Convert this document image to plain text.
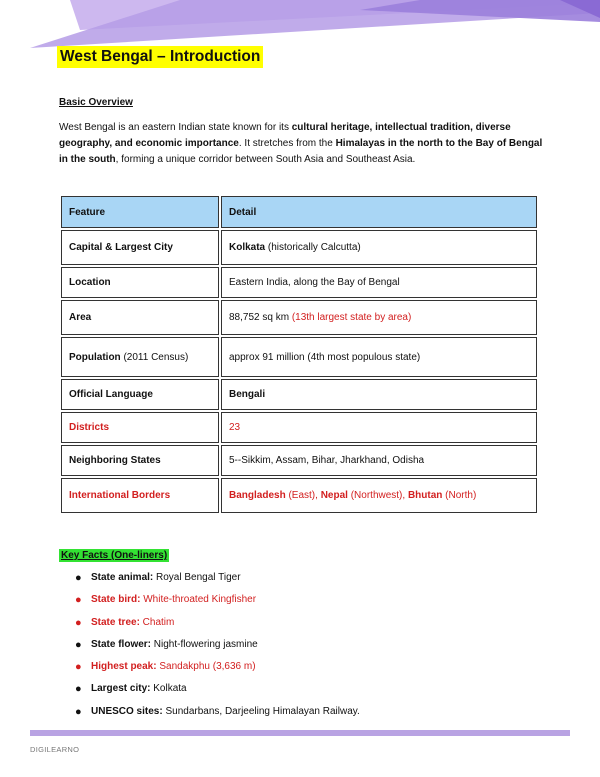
West Bengal – Introduction
Basic Overview
West Bengal is an eastern Indian state known for its cultural heritage, intellectual tradition, diverse geography, and economic importance. It stretches from the Himalayas in the north to the Bay of Bengal in the south, forming a unique corridor between South Asia and Southeast Asia.
Feature	Detail
Capital & Largest City	Kolkata (historically Calcutta)
Location	Eastern India, along the Bay of Bengal
Area	88,752 sq km (13th largest state by area)
Population (2011 Census)	approx 91 million (4th most populous state)
Official Language	Bengali
Districts	23
Neighboring States	5--Sikkim, Assam, Bihar, Jharkhand, Odisha
International Borders	Bangladesh (East), Nepal (Northwest), Bhutan (North)
Key Facts (One-liners)
● State animal: Royal Bengal Tiger
● State bird: White-throated Kingfisher
● State tree: Chatim
● State flower: Night-flowering jasmine
● Highest peak: Sandakphu (3,636 m)
● Largest city: Kolkata
● UNESCO sites: Sundarbans, Darjeeling Himalayan Railway.
DIGILEARNO
